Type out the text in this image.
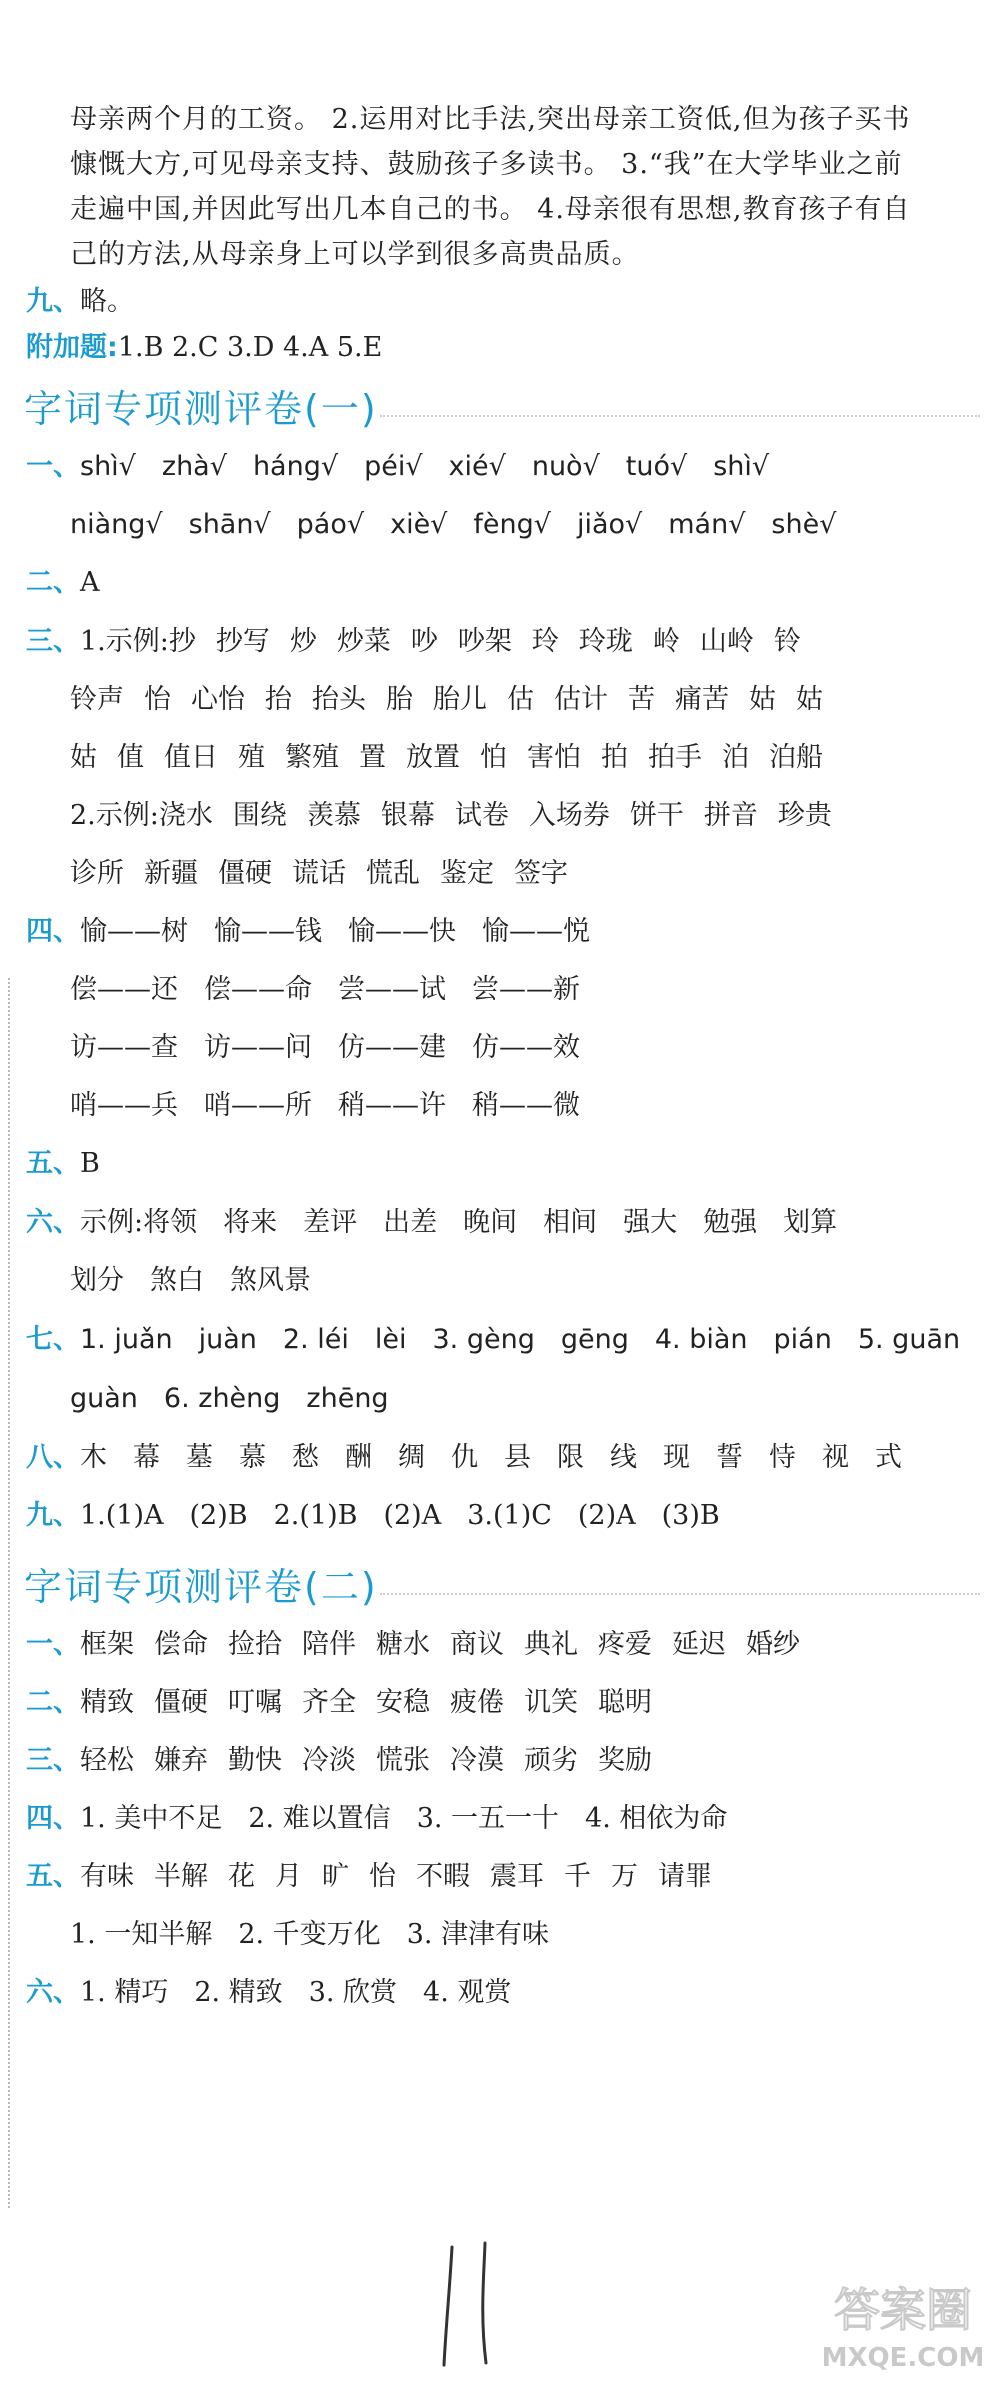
母亲两个月的工资。 2.运用对比手法,突出母亲工资低,但为孩子买书
慷慨大方,可见母亲支持、鼓励孩子多读书。 3.“我”在大学毕业之前
走遍中国,并因此写出几本自己的书。 4.母亲很有思想,教育孩子有自
己的方法,从母亲身上可以学到很多高贵品质。
九、略。
附加题:1.B 2.C 3.D 4.A 5.E
字词专项测评卷(一)
一、shì√ zhà√ háng√ péi√ xié√ nuò√ tuó√ shì√
niàng√ shān√ páo√ xiè√ fèng√ jiǎo√ mán√ shè√
二、A
三、1.示例:抄 抄写 炒 炒菜 吵 吵架 玲 玲珑 岭 山岭 铃
铃声 怡 心怡 抬 抬头 胎 胎儿 估 估计 苦 痛苦 姑 姑
姑 值 值日 殖 繁殖 置 放置 怕 害怕 拍 拍手 泊 泊船
2.示例:浇水 围绕 羡慕 银幕 试卷 入场券 饼干 拼音 珍贵
诊所 新疆 僵硬 谎话 慌乱 鉴定 签字
四、愉——树 愉——钱 愉——快 愉——悦
偿——还 偿——命 尝——试 尝——新
访——查 访——问 仿——建 仿——效
哨——兵 哨——所 稍——许 稍——微
五、B
六、示例:将领 将来 差评 出差 晚间 相间 强大 勉强 划算
划分 煞白 煞风景
七、1. juǎn juàn 2. léi lèi 3. gèng gēng 4. biàn pián 5. guān
guàn 6. zhèng zhēng
八、木 幕 墓 慕 愁 酬 绸 仇 县 限 线 现 誓 恃 视 式
九、1.(1)A (2)B 2.(1)B (2)A 3.(1)C (2)A (3)B
字词专项测评卷(二)
一、框架 偿命 捡拾 陪伴 糖水 商议 典礼 疼爱 延迟 婚纱
二、精致 僵硬 叮嘱 齐全 安稳 疲倦 讥笑 聪明
三、轻松 嫌弃 勤快 冷淡 慌张 冷漠 顽劣 奖励
四、1. 美中不足 2. 难以置信 3. 一五一十 4. 相依为命
五、有味 半解 花 月 旷 怡 不暇 震耳 千 万 请罪
1. 一知半解 2. 千变万化 3. 津津有味
六、1. 精巧 2. 精致 3. 欣赏 4. 观赏
答案圈
MXQE.COM
